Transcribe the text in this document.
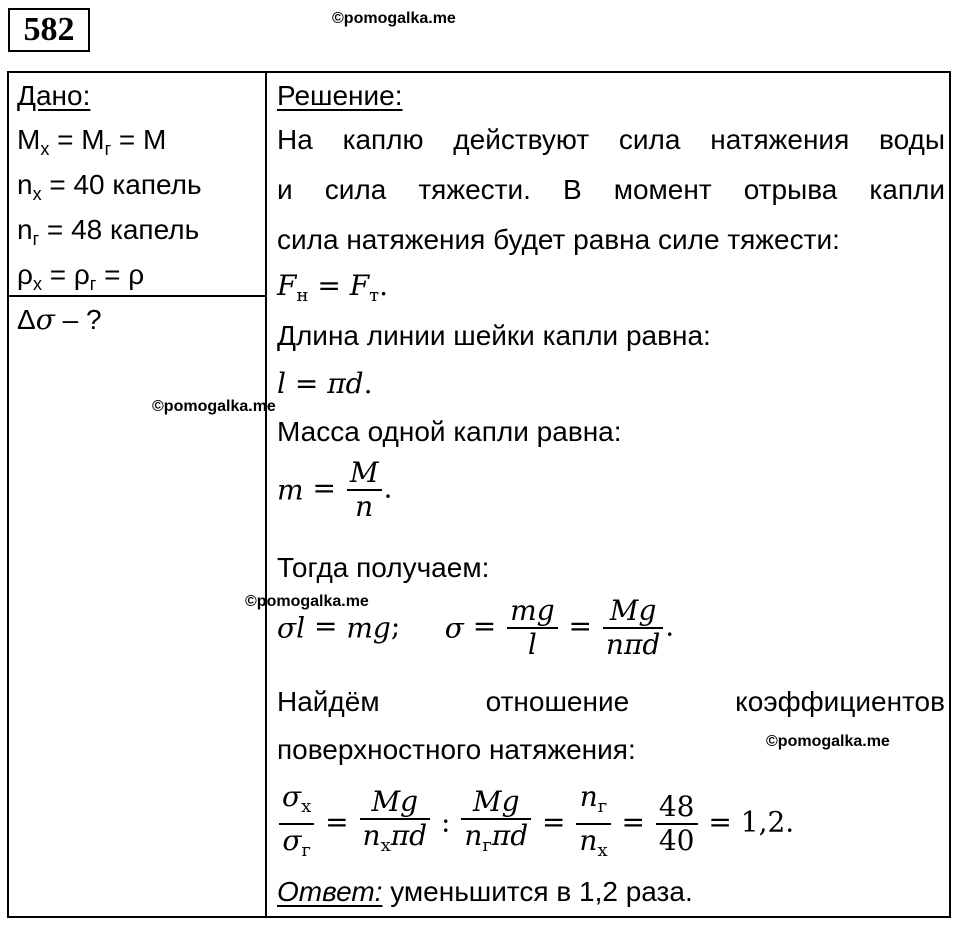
582	©pomogalka.me
Дано:
$M_х = M_г = M$
$n_х = 40$ капель
$n_г = 48$ капель
$\rho_х = \rho_г = \rho$
Δσ – ?
Решение:
На каплю действуют сила натяжения воды
и сила тяжести. В момент отрыва капли
сила натяжения будет равна силе тяжести:
$F_н = F_т$.
Длина линии шейки капли равна:
l = πd.
Масса одной капли равна:
$m = \frac{M}{n}$ .
Тогда получаем:
σl = mg;     $\sigma = \frac{mg}{l} = \frac{Mg}{\text{nπd}}$ .
Найдём отношение коэффициентов
поверхностного натяжения:
$\frac{\sigma_х}{\sigma_г} = \frac{Mg}{n_х\pi d}$ : $\frac{Mg}{n_г\pi d} = \frac{n_г}{n_х} = \frac{48}{40} = 1,2$.
Ответ: уменьшится в 1,2 раза.
©pomogalka.me
©pomogalka.me
©pomogalka.me
